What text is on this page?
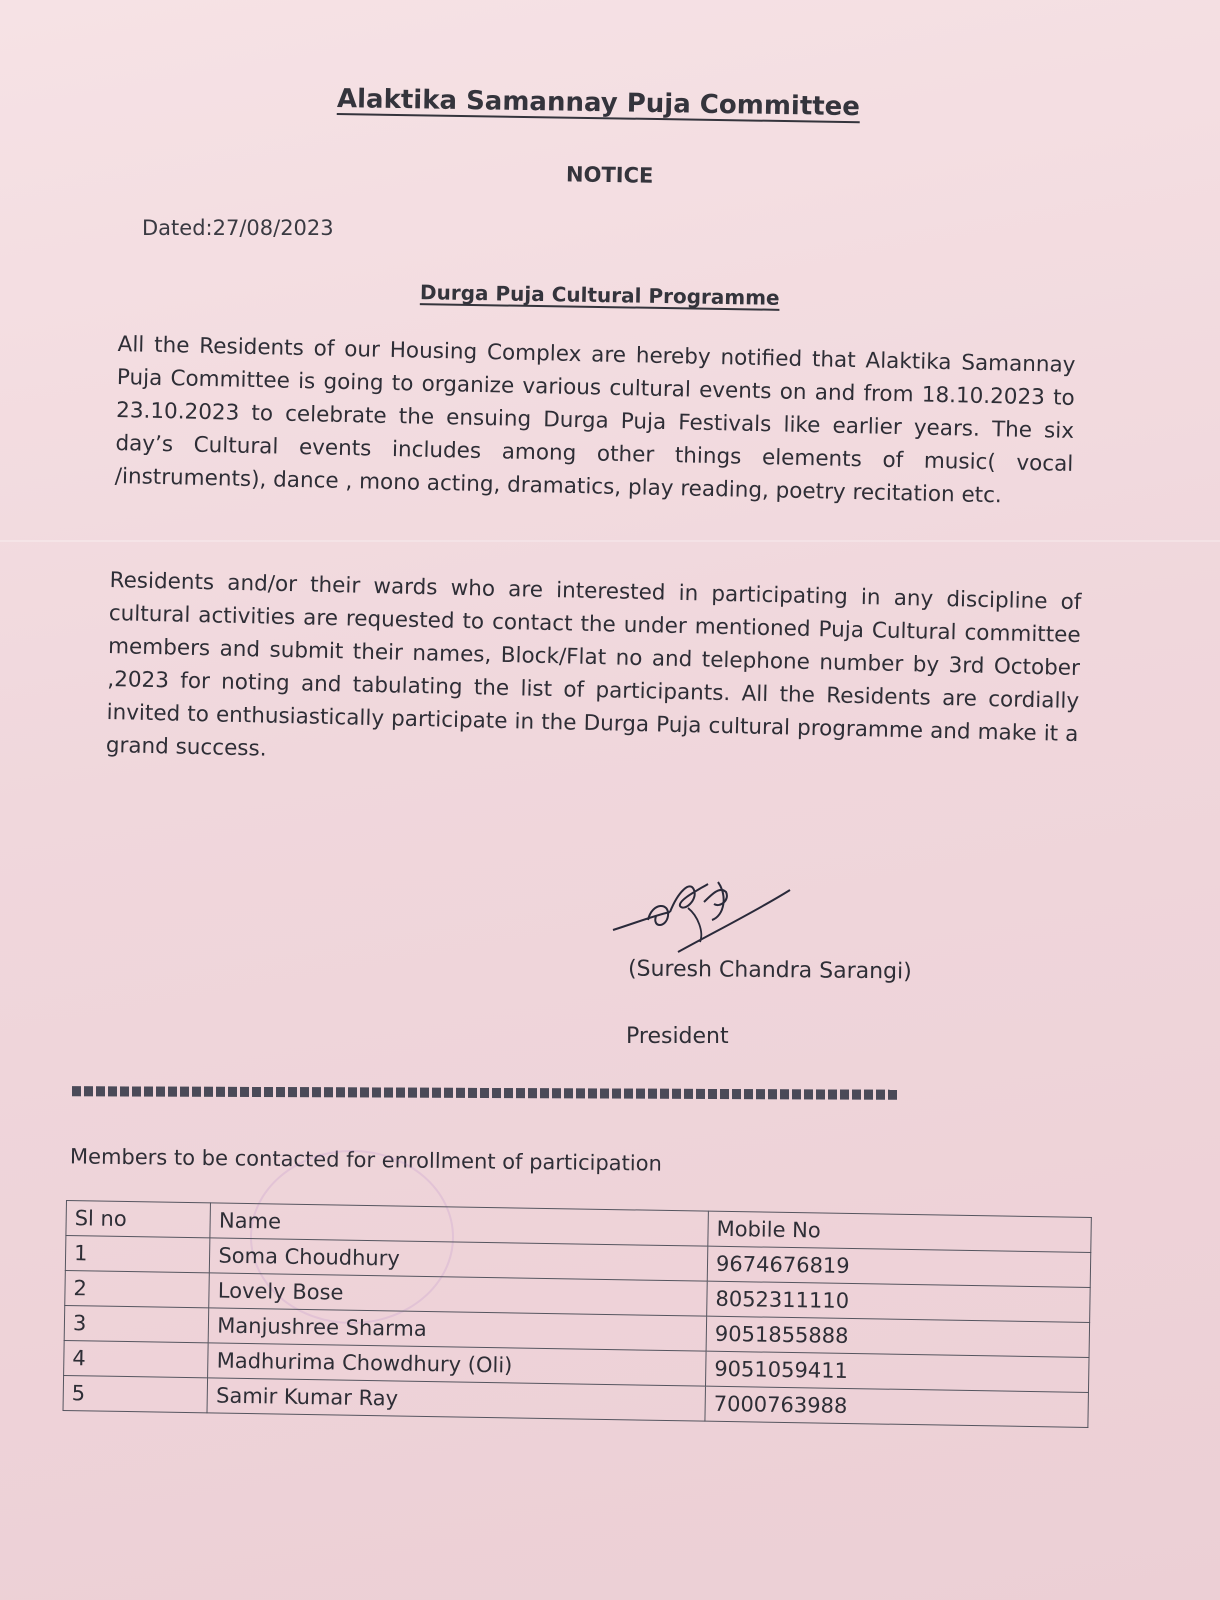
Alaktika Samannay Puja Committee
NOTICE
Dated:27/08/2023
Durga Puja Cultural Programme

All the Residents of our Housing Complex are hereby notified that Alaktika Samannay Puja Committee is going to organize various cultural events on and from 18.10.2023 to 23.10.2023 to celebrate the ensuing Durga Puja Festivals like earlier years. The six day’s Cultural events includes among other things elements of music( vocal /instruments), dance , mono acting, dramatics, play reading, poetry recitation etc.

Residents and/or their wards who are interested in participating in any discipline of cultural activities are requested to contact the under mentioned Puja Cultural committee members and submit their names, Block/Flat no and telephone number by 3rd October ,2023 for noting and tabulating the list of participants. All the Residents are cordially invited to enthusiastically participate in the Durga Puja cultural programme and make it a grand success.

(Suresh Chandra Sarangi)
President
Members to be contacted for enrollment of participation
Sl no	Name	Mobile No
1	Soma Choudhury	9674676819
2	Lovely Bose	8052311110
3	Manjushree Sharma	9051855888
4	Madhurima Chowdhury (Oli)	9051059411
5	Samir Kumar Ray	7000763988
